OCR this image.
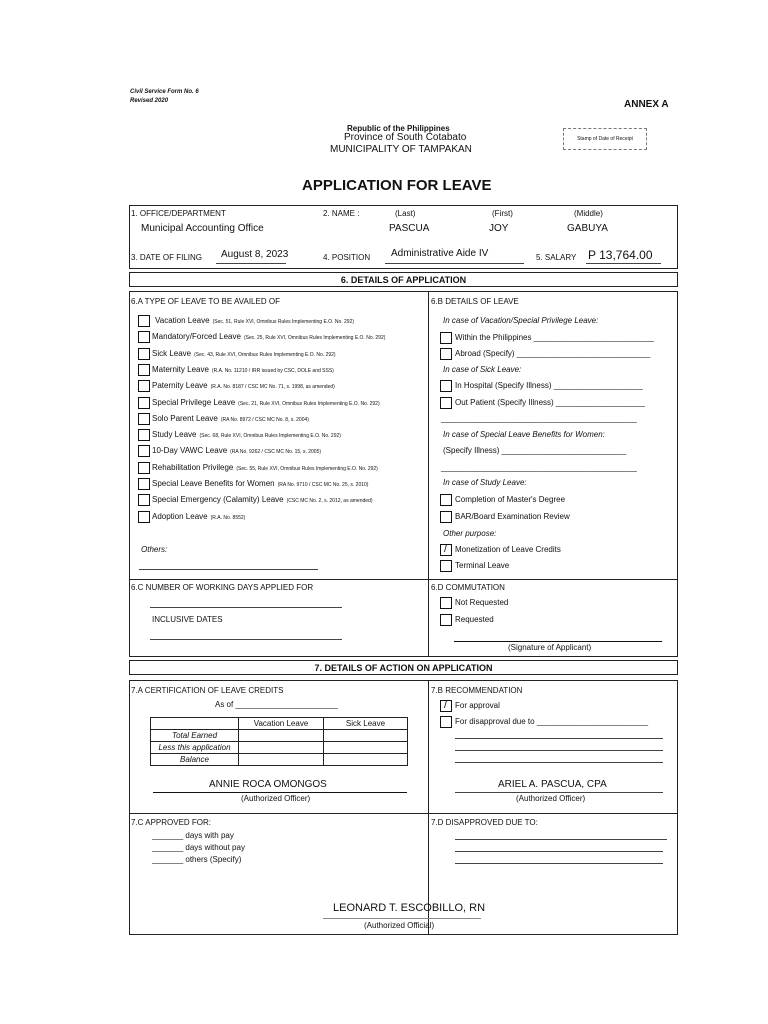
Civil Service Form No. 6
Revised 2020	ANNEX A
Republic of the Philippines
Province of South Cotabato
MUNICIPALITY OF TAMPAKAN
Stamp of Date of Receipt
APPLICATION FOR LEAVE
1. OFFICE/DEPARTMENT
Municipal Accounting Office
2. NAME :	(Last)	(First)	(Middle)
PASCUA	JOY	GABUYA
3. DATE OF FILING August 8, 2023	4. POSITION Administrative Aide IV	5. SALARY P 13,764.00
6. DETAILS OF APPLICATION
6.A TYPE OF LEAVE TO BE AVAILED OF
Vacation Leave (Sec. 51, Rule XVI, Omnibus Rules Implementing E.O. No. 292)
Mandatory/Forced Leave (Sec. 25, Rule XVI, Omnibus Rules Implementing E.O. No. 292)
Sick Leave (Sec. 43, Rule XVI, Omnibus Rules Implementing E.O. No. 292)
Maternity Leave (R.A. No. 11210 / IRR issued by CSC, DOLE and SSS)
Paternity Leave (R.A. No. 8187 / CSC MC No. 71, s. 1998, as amended)
Special Privilege Leave (Sec. 21, Rule XVI, Omnibus Rules Implementing E.O. No. 292)
Solo Parent Leave (RA No. 8972 / CSC MC No. 8, s. 2004)
Study Leave (Sec. 68, Rule XVI, Omnibus Rules Implementing E.O. No. 292)
10-Day VAWC Leave (RA No. 9262 / CSC MC No. 15, s. 2005)
Rehabilitation Privilege (Sec. 55, Rule XVI, Omnibus Rules Implementing E.O. No. 292)
Special Leave Benefits for Women (RA No. 9710 / CSC MC No. 25, s. 2010)
Special Emergency (Calamity) Leave (CSC MC No. 2, s. 2012, as amended)
Adoption Leave (R.A. No. 8552)
Others:
6.B DETAILS OF LEAVE
In case of Vacation/Special Privilege Leave:
Within the Philippines ___________________________
Abroad (Specify) ______________________________
In case of Sick Leave:
In Hospital (Specify Illness) ____________________
Out Patient (Specify Illness) ____________________
____________________________________________
In case of Special Leave Benefits for Women:
(Specify Illness) ____________________________
____________________________________________
In case of Study Leave:
Completion of Master's Degree
BAR/Board Examination Review
Other purpose:
/ Monetization of Leave Credits
Terminal Leave
6.C NUMBER OF WORKING DAYS APPLIED FOR
INCLUSIVE DATES
6.D COMMUTATION
Not Requested
Requested
(Signature of Applicant)
7. DETAILS OF ACTION ON APPLICATION
7.A CERTIFICATION OF LEAVE CREDITS
As of _______________________
	Vacation Leave	Sick Leave
Total Earned		
Less this application		
Balance		
ANNIE ROCA OMONGOS
(Authorized Officer)
7.B RECOMMENDATION
/ For approval
For disapproval due to _________________________
ARIEL A. PASCUA, CPA
(Authorized Officer)
7.C APPROVED FOR:
_______ days with pay
_______ days without pay
_______ others (Specify)
7.D DISAPPROVED DUE TO:
LEONARD T. ESCOBILLO, RN
(Authorized Official)
